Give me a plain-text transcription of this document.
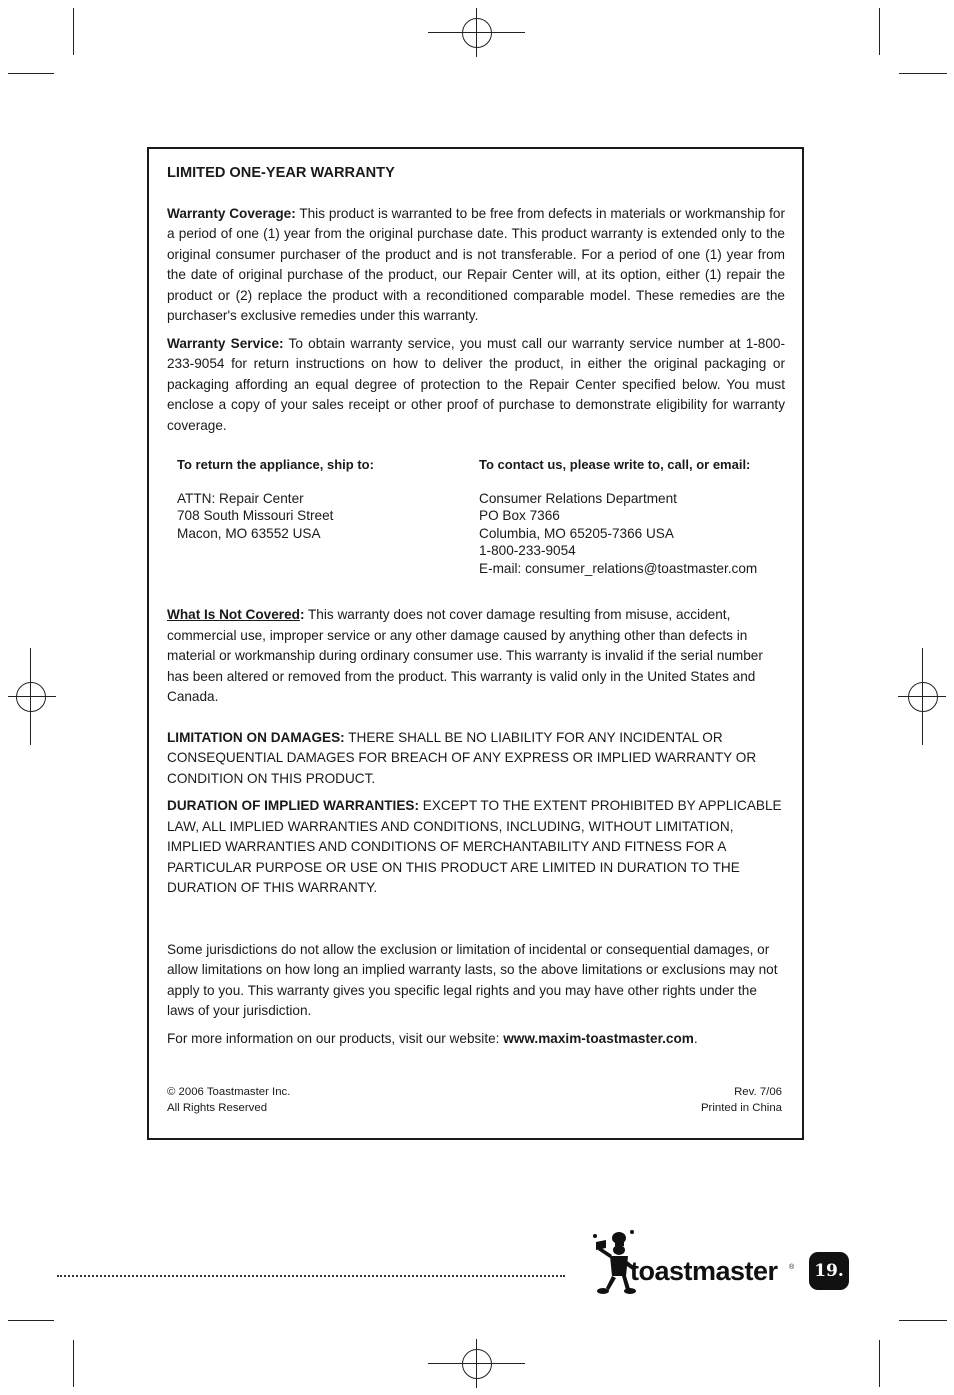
LIMITED ONE-YEAR WARRANTY

Warranty Coverage: This product is warranted to be free from defects in materials or workmanship for a period of one (1) year from the original purchase date. This product warranty is extended only to the original consumer purchaser of the product and is not transferable. For a period of one (1) year from the date of original purchase of the product, our Repair Center will, at its option, either (1) repair the product or (2) replace the product with a reconditioned comparable model. These remedies are the purchaser's exclusive remedies under this warranty.

Warranty Service: To obtain warranty service, you must call our warranty service number at 1-800-233-9054 for return instructions on how to deliver the product, in either the original packaging or packaging affording an equal degree of protection to the Repair Center specified below. You must enclose a copy of your sales receipt or other proof of purchase to demonstrate eligibility for warranty coverage.

To return the appliance, ship to:
ATTN: Repair Center
708 South Missouri Street
Macon, MO 63552 USA
To contact us, please write to, call, or email:
Consumer Relations Department
PO Box 7366
Columbia, MO 65205-7366 USA
1-800-233-9054
E-mail: consumer_relations@toastmaster.com

What Is Not Covered: This warranty does not cover damage resulting from misuse, accident, commercial use, improper service or any other damage caused by anything other than defects in material or workmanship during ordinary consumer use. This warranty is invalid if the serial number has been altered or removed from the product. This warranty is valid only in the United States and Canada.

LIMITATION ON DAMAGES: THERE SHALL BE NO LIABILITY FOR ANY INCIDENTAL OR CONSEQUENTIAL DAMAGES FOR BREACH OF ANY EXPRESS OR IMPLIED WARRANTY OR CONDITION ON THIS PRODUCT.

DURATION OF IMPLIED WARRANTIES: EXCEPT TO THE EXTENT PROHIBITED BY APPLICABLE LAW, ALL IMPLIED WARRANTIES AND CONDITIONS, INCLUDING, WITHOUT LIMITATION, IMPLIED WARRANTIES AND CONDITIONS OF MERCHANTABILITY AND FITNESS FOR A PARTICULAR PURPOSE OR USE ON THIS PRODUCT ARE LIMITED IN DURATION TO THE DURATION OF THIS WARRANTY.

Some jurisdictions do not allow the exclusion or limitation of incidental or consequential damages, or allow limitations on how long an implied warranty lasts, so the above limitations or exclusions may not apply to you. This warranty gives you specific legal rights and you may have other rights under the laws of your jurisdiction.

For more information on our products, visit our website: www.maxim-toastmaster.com.

© 2006 Toastmaster Inc.
All Rights Reserved
Rev. 7/06
Printed in China
toastmaster ®	19.
